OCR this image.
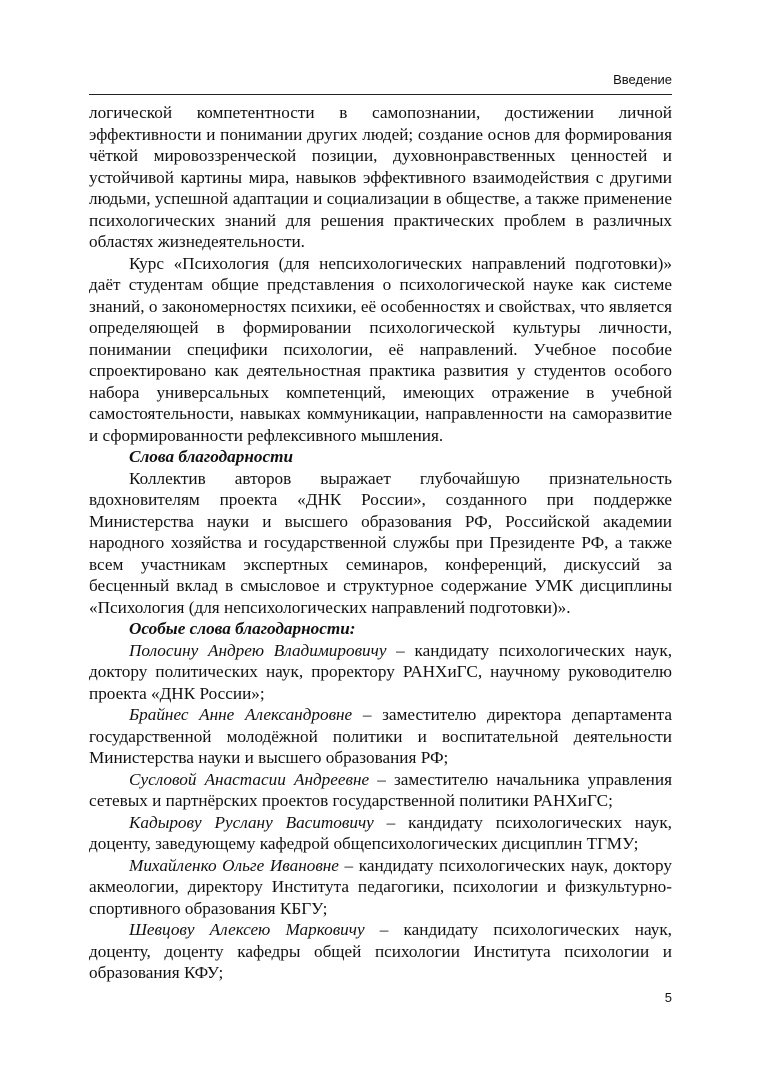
Введение

логической компетентности в самопознании, достижении личной эффективности и понимании других людей; создание основ для формирования чёткой мировоззренческой позиции, духовнонравственных ценностей и устойчивой картины мира, навыков эффективного взаимодействия с другими людьми, успешной адаптации и социализации в обществе, а также применение психологических знаний для решения практических проблем в различных областях жизнедеятельности.

Курс «Психология (для непсихологических направлений подготовки)» даёт студентам общие представления о психологической науке как системе знаний, о закономерностях психики, её особенностях и свойствах, что является определяющей в формировании психологической культуры личности, понимании специфики психологии, её направлений. Учебное пособие спроектировано как деятельностная практика развития у студентов особого набора универсальных компетенций, имеющих отражение в учебной самостоятельности, навыках коммуникации, направленности на саморазвитие и сформированности рефлексивного мышления.

Слова благодарности

Коллектив авторов выражает глубочайшую признательность вдохновителям проекта «ДНК России», созданного при поддержке Министерства науки и высшего образования РФ, Российской академии народного хозяйства и государственной службы при Президенте РФ, а также всем участникам экспертных семинаров, конференций, дискуссий за бесценный вклад в смысловое и структурное содержание УМК дисциплины «Психология (для непсихологических направлений подготовки)».

Особые слова благодарности:

Полосину Андрею Владимировичу – кандидату психологических наук, доктору политических наук, проректору РАНХиГС, научному руководителю проекта «ДНК России»;

Брайнес Анне Александровне – заместителю директора департамента государственной молодёжной политики и воспитательной деятельности Министерства науки и высшего образования РФ;

Сусловой Анастасии Андреевне – заместителю начальника управления сетевых и партнёрских проектов государственной политики РАНХиГС;

Кадырову Руслану Васитовичу – кандидату психологических наук, доценту, заведующему кафедрой общепсихологических дисциплин ТГМУ;

Михайленко Ольге Ивановне – кандидату психологических наук, доктору акмеологии, директору Института педагогики, психологии и физкультурно-спортивного образования КБГУ;

Шевцову Алексею Марковичу – кандидату психологических наук, доценту, доценту кафедры общей психологии Института психологии и образования КФУ;

5
